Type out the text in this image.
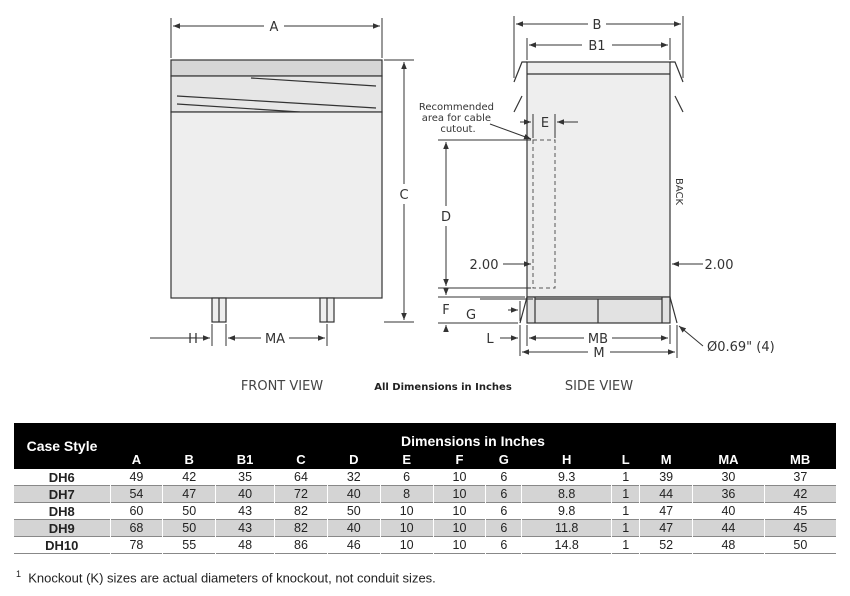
A
C
H	MA
FRONT VIEW	All Dimensions in Inches
B
B1
E
Recommended area for cable cutout.
D
2.00	2.00
BACK
F G
L	MB
M	Ø0.69" (4)
SIDE VIEW
Case Style	Dimensions in Inches												
	A	B	B1	C	D	E	F	G	H	L	M	MA	MB
DH6	49	42	35	64	32	6	10	6	9.3	1	39	30	37
DH7	54	47	40	72	40	8	10	6	8.8	1	44	36	42
DH8	60	50	43	82	50	10	10	6	9.8	1	47	40	45
DH9	68	50	43	82	40	10	10	6	11.8	1	47	44	45
DH10	78	55	48	86	46	10	10	6	14.8	1	52	48	50
$^1$ Knockout (K) sizes are actual diameters of knockout, not conduit sizes.
